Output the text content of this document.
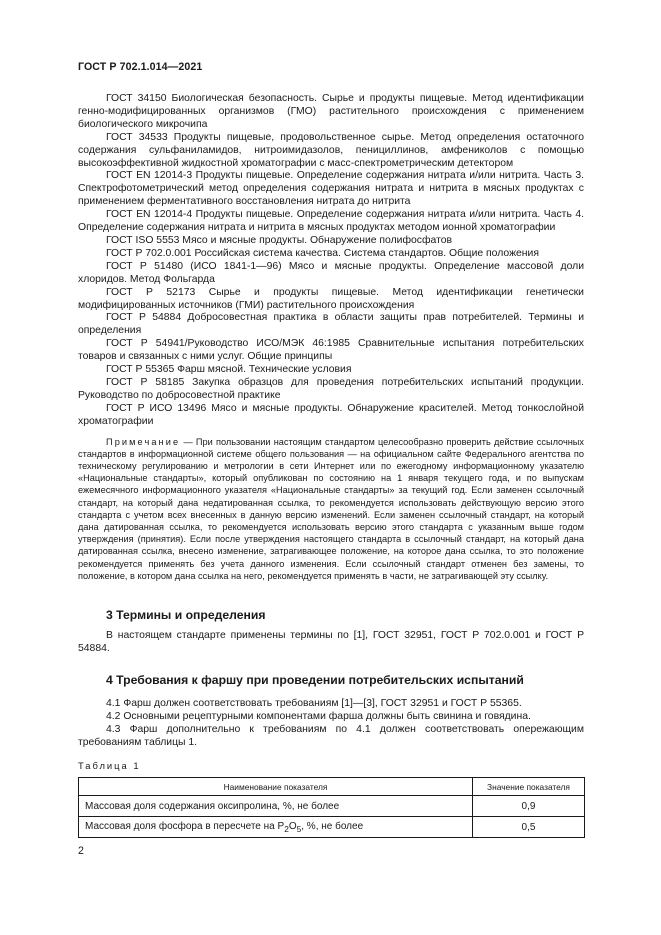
ГОСТ Р 702.1.014—2021

ГОСТ 34150 Биологическая безопасность. Сырье и продукты пищевые. Метод идентификации генно-модифицированных организмов (ГМО) растительного происхождения с применением биологического микрочипа

ГОСТ 34533 Продукты пищевые, продовольственное сырье. Метод определения остаточного содержания сульфаниламидов, нитроимидазолов, пенициллинов, амфениколов с помощью высокоэффективной жидкостной хроматографии с масс-спектрометрическим детектором

ГОСТ EN 12014-3 Продукты пищевые. Определение содержания нитрата и/или нитрита. Часть 3. Спектрофотометрический метод определения содержания нитрата и нитрита в мясных продуктах с применением ферментативного восстановления нитрата до нитрита

ГОСТ EN 12014-4 Продукты пищевые. Определение содержания нитрата и/или нитрита. Часть 4. Определение содержания нитрата и нитрита в мясных продуктах методом ионной хроматографии

ГОСТ ISO 5553 Мясо и мясные продукты. Обнаружение полифосфатов

ГОСТ Р 702.0.001 Российская система качества. Система стандартов. Общие положения

ГОСТ Р 51480 (ИСО 1841-1—96) Мясо и мясные продукты. Определение массовой доли хлоридов. Метод Фольгарда

ГОСТ Р 52173 Сырье и продукты пищевые. Метод идентификации генетически модифицированных источников (ГМИ) растительного происхождения

ГОСТ Р 54884 Добросовестная практика в области защиты прав потребителей. Термины и определения

ГОСТ Р 54941/Руководство ИСО/МЭК 46:1985 Сравнительные испытания потребительских товаров и связанных с ними услуг. Общие принципы

ГОСТ Р 55365 Фарш мясной. Технические условия

ГОСТ Р 58185 Закупка образцов для проведения потребительских испытаний продукции. Руководство по добросовестной практике

ГОСТ Р ИСО 13496 Мясо и мясные продукты. Обнаружение красителей. Метод тонкослойной хроматографии

Примечание — При пользовании настоящим стандартом целесообразно проверить действие ссылочных стандартов в информационной системе общего пользования — на официальном сайте Федерального агентства по техническому регулированию и метрологии в сети Интернет или по ежегодному информационному указателю «Национальные стандарты», который опубликован по состоянию на 1 января текущего года, и по выпускам ежемесячного информационного указателя «Национальные стандарты» за текущий год. Если заменен ссылочный стандарт, на который дана недатированная ссылка, то рекомендуется использовать действующую версию этого стандарта с учетом всех внесенных в данную версию изменений. Если заменен ссылочный стандарт, на который дана датированная ссылка, то рекомендуется использовать версию этого стандарта с указанным выше годом утверждения (принятия). Если после утверждения настоящего стандарта в ссылочный стандарт, на который дана датированная ссылка, внесено изменение, затрагивающее положение, на которое дана ссылка, то это положение рекомендуется применять без учета данного изменения. Если ссылочный стандарт отменен без замены, то положение, в котором дана ссылка на него, рекомендуется применять в части, не затрагивающей эту ссылку.

3 Термины и определения

В настоящем стандарте применены термины по [1], ГОСТ 32951, ГОСТ Р 702.0.001 и ГОСТ Р 54884.

4 Требования к фаршу при проведении потребительских испытаний

4.1 Фарш должен соответствовать требованиям [1]—[3], ГОСТ 32951 и ГОСТ Р 55365.

4.2 Основными рецептурными компонентами фарша должны быть свинина и говядина.

4.3 Фарш дополнительно к требованиям по 4.1 должен соответствовать опережающим требованиям таблицы 1.

Таблица 1
Наименование показателя	Значение показателя
Массовая доля содержания оксипролина, %, не более	0,9
Массовая доля фосфора в пересчете на $P_2O_5$, %, не более	0,5
2
